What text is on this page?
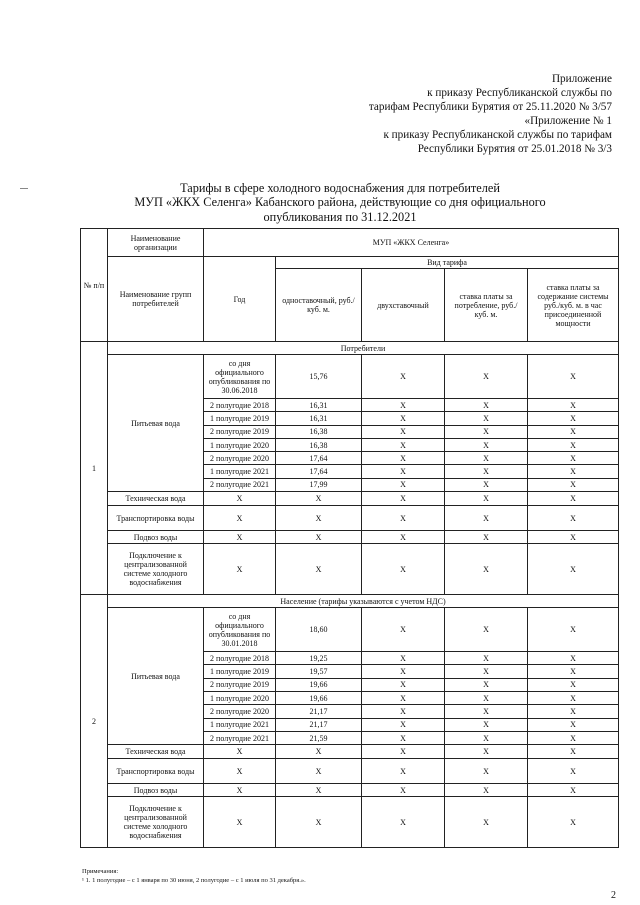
Приложение
к приказу Республиканской службы по
тарифам Республики Бурятия от 25.11.2020 № 3/57
«Приложение № 1
к приказу Республиканской службы по тарифам
Республики Бурятия от 25.01.2018 № 3/3
Тарифы в сфере холодного водоснабжения для потребителей
МУП «ЖКХ Селенга» Кабанского района, действующие со дня официального
опубликования по 31.12.2021
№ п/п	Наименование организации	МУП «ЖКХ Селенга»				
	Наименование групп потребителей	Год	Вид тарифа			
			одноставочный, руб./ куб. м.	двухставочный	ставка платы за потребление, руб./ куб. м.	ставка платы за содержание системы руб./куб. м. в час присоединенной мощности
1	Потребители					
	Питьевая вода	со дня официального опубликования по 30.06.2018	15,76	X	X	X
		2 полугодие 2018	16,31	X	X	X
		1 полугодие 2019	16,31	X	X	X
		2 полугодие 2019	16,38	X	X	X
		1 полугодие 2020	16,38	X	X	X
		2 полугодие 2020	17,64	X	X	X
		1 полугодие 2021	17,64	X	X	X
		2 полугодие 2021	17,99	X	X	X
	Техническая вода	X	X	X	X	X
	Транспортировка воды	X	X	X	X	X
	Подвоз воды	X	X	X	X	X
	Подключение к централизованной системе холодного водоснабжения	X	X	X	X	X
2	Население (тарифы указываются с учетом НДС)					
	Питьевая вода	со дня официального опубликования по 30.01.2018	18,60	X	X	X
		2 полугодие 2018	19,25	X	X	X
		1 полугодие 2019	19,57	X	X	X
		2 полугодие 2019	19,66	X	X	X
		1 полугодие 2020	19,66	X	X	X
		2 полугодие 2020	21,17	X	X	X
		1 полугодие 2021	21,17	X	X	X
		2 полугодие 2021	21,59	X	X	X
	Техническая вода	X	X	X	X	X
	Транспортировка воды	X	X	X	X	X
	Подвоз воды	X	X	X	X	X
	Подключение к централизованной системе холодного водоснабжения	X	X	X	X	X
Примечания:
¹ 1. 1 полугодие – с 1 января по 30 июня, 2 полугодие – с 1 июля по 31 декабря.».
2
